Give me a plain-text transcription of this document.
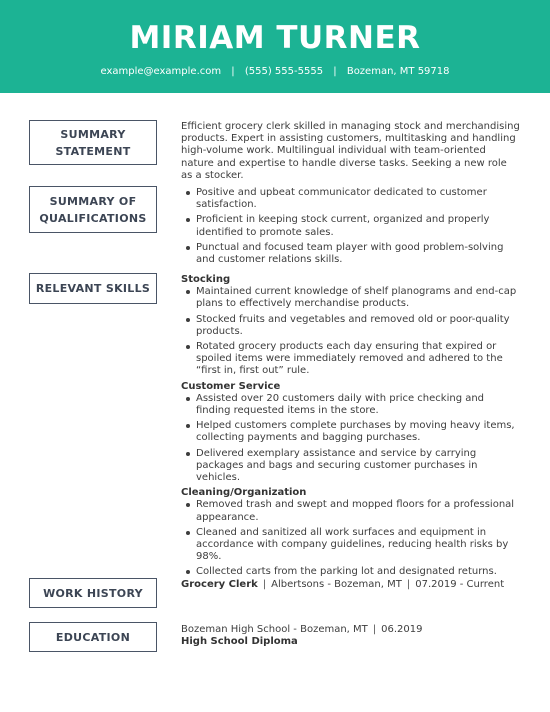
MIRIAM TURNER
example@example.com | (555) 555-5555 | Bozeman, MT 59718
SUMMARY
STATEMENT

Efficient grocery clerk skilled in managing stock and merchandising products. Expert in assisting customers, multitasking and handling high-volume work. Multilingual individual with team-oriented nature and expertise to handle diverse tasks. Seeking a new role as a stocker.

SUMMARY OF
QUALIFICATIONS
Positive and upbeat communicator dedicated to customer satisfaction.
Proficient in keeping stock current, organized and properly identified to promote sales.
Punctual and focused team player with good problem-solving and customer relations skills.
RELEVANT SKILLS
Stocking
Maintained current knowledge of shelf planograms and end-cap plans to effectively merchandise products.
Stocked fruits and vegetables and removed old or poor-quality products.
Rotated grocery products each day ensuring that expired or spoiled items were immediately removed and adhered to the “first in, first out” rule.
Customer Service
Assisted over 20 customers daily with price checking and finding requested items in the store.
Helped customers complete purchases by moving heavy items, collecting payments and bagging purchases.
Delivered exemplary assistance and service by carrying packages and bags and securing customer purchases in vehicles.
Cleaning/Organization
Removed trash and swept and mopped floors for a professional appearance.
Cleaned and sanitized all work surfaces and equipment in accordance with company guidelines, reducing health risks by 98%.
Collected carts from the parking lot and designated returns.
WORK HISTORY
Grocery Clerk | Albertsons - Bozeman, MT | 07.2019 - Current
EDUCATION
Bozeman High School - Bozeman, MT | 06.2019
High School Diploma
